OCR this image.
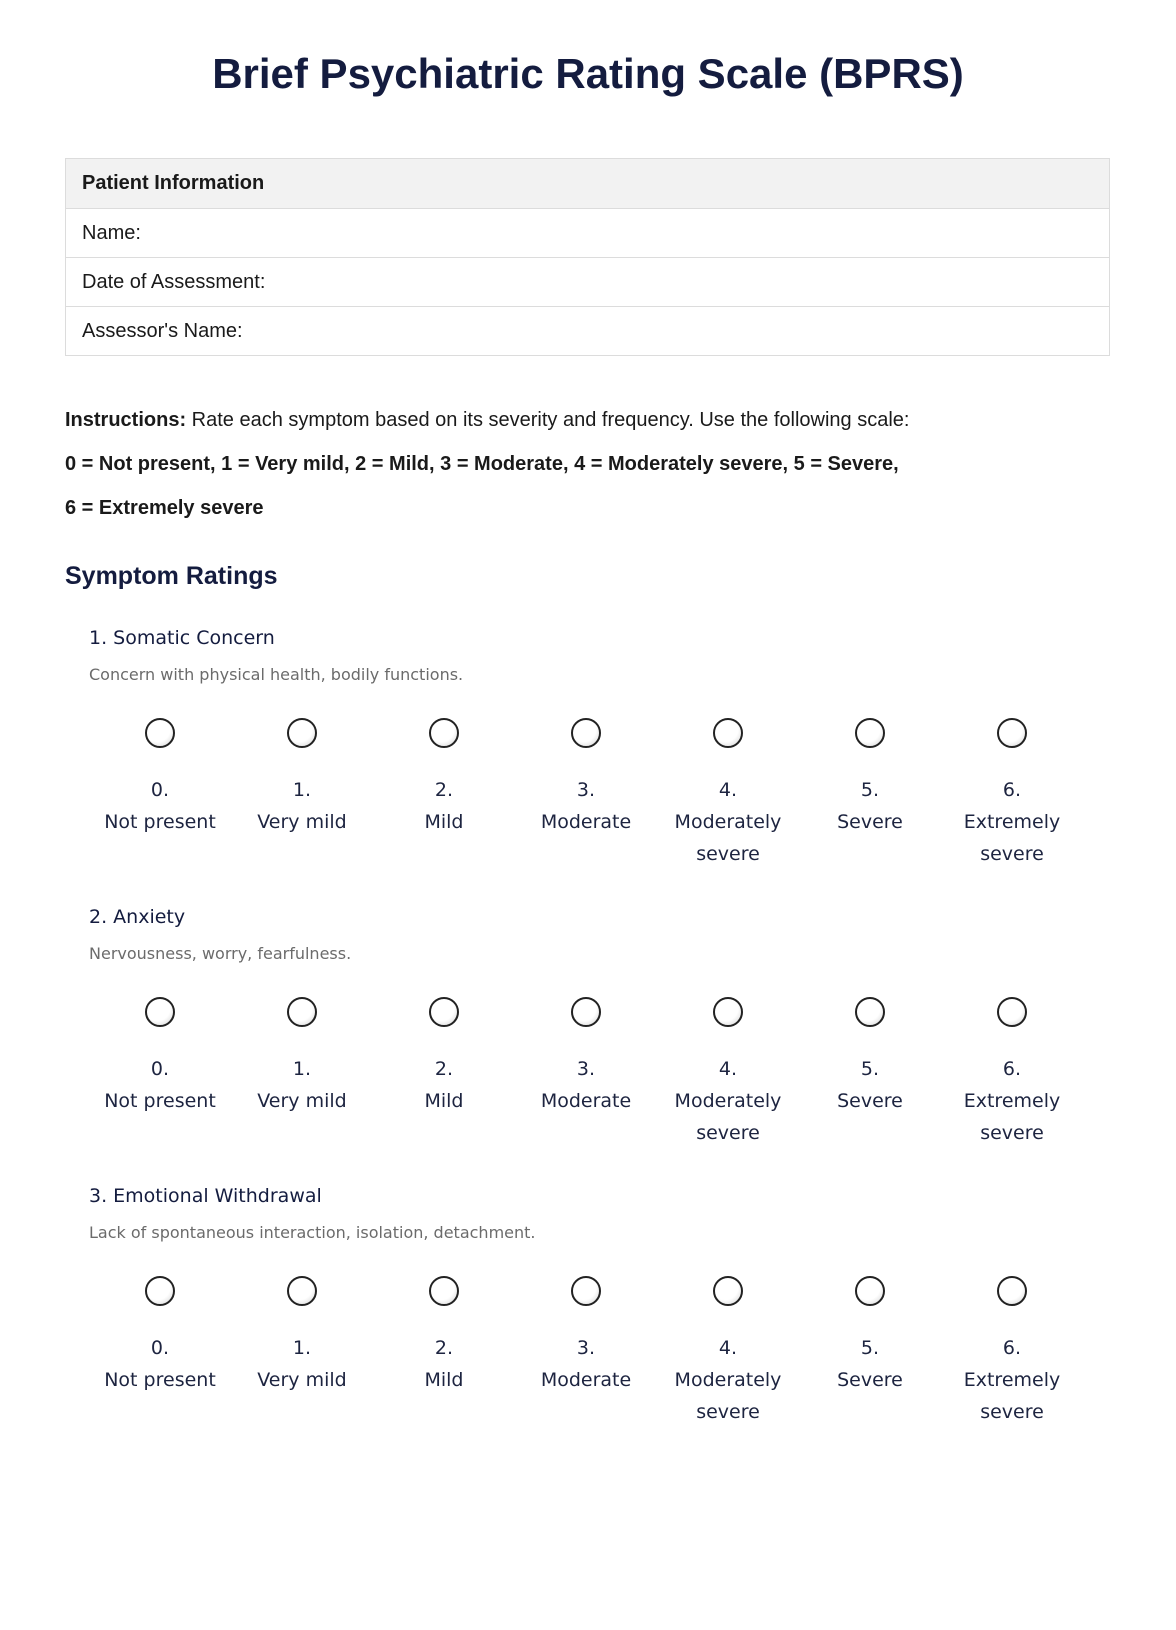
Brief Psychiatric Rating Scale (BPRS)
Patient Information
Name:
Date of Assessment:
Assessor's Name:
Instructions: Rate each symptom based on its severity and frequency. Use the following scale:
0 = Not present, 1 = Very mild, 2 = Mild, 3 = Moderate, 4 = Moderately severe, 5 = Severe,
6 = Extremely severe
Symptom Ratings
1. Somatic Concern
Concern with physical health, bodily functions.
0.
Not present
1.
Very mild
2.
Mild
3.
Moderate
4.
Moderately severe
5.
Severe
6.
Extremely severe
2. Anxiety
Nervousness, worry, fearfulness.
0.
Not present
1.
Very mild
2.
Mild
3.
Moderate
4.
Moderately severe
5.
Severe
6.
Extremely severe
3. Emotional Withdrawal
Lack of spontaneous interaction, isolation, detachment.
0.
Not present
1.
Very mild
2.
Mild
3.
Moderate
4.
Moderately severe
5.
Severe
6.
Extremely severe
